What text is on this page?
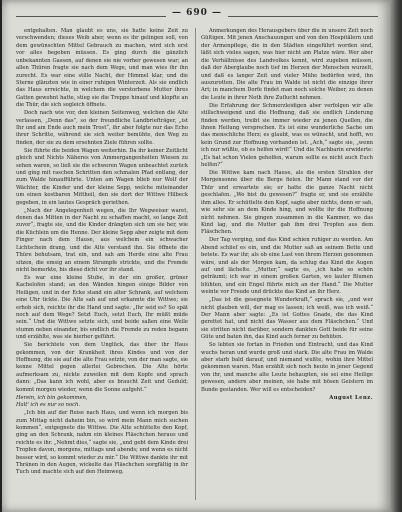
— 690 —

entgehalten. Man glaubt es uns, sie hatte keine Zeit zu verschwenden; dieses Weib aber, wenn es ihr gelingen soll, von dem gewünschten Mittel Gebrauch zu machen, wird sich erst vor alles begeben müssen. Es ging durch die gänzlich unbekannten Gassen, auf denen sie nie vorher gewesen war; an allen Thüren fragte sie nach dem Wege, und man wies ihr ihn zurecht. Es war eine stille Nacht, der Himmel klar, und die Sterne glänzten wie in einer ruhigen Winterzeit. Als sie endlich das Haus erreichte, in welchem die verstorbene Mutter ihres Gatten gewohnt hatte, stieg sie die Treppe hinauf und klopfte an die Thür, die sich sogleich öffnete.

Doch nach wie vor, den kleinen Seitenweg, welchen die Alte verlassen, „Denn das”, so der freundliche Landbriefträger, „ist Ihr und am Ende auch mein Trost“, ihr aber folgte nur das Echo ihrer Schritte, während sie sich weiter bemühte, den Weg zu finden, der sie zu dem ersehnten Ziele führen sollte.

Sie führte die beiden Wagen weiterhin. Da ihr keiner Zeitlicht gleich und Nichts Näheres von Ammergangenheiten Wiesen zu sehen waren, so ließ sie die schweren Wagen unbeachtet zurück und ging mit raschen Schritten den schmalen Pfad entlang, der zum Walde hinaufführte. Unten am Wagen blieb nur Wolf der Wächter, die Kinder und der kleine Sepp, welche miteinander um einen kostbaren Mittheil, den sie dort der Wittwe Hilbeck gegeben, in ein lautes Gespräch geriethen.

„Nach der Angelegenheit wegen, die Ihr Wegweiser waret, denen das Mitten in der Nacht zu schaffen macht, so lange Zeit zuvor“, fragte sie, und die Kinder drängten sich um sie her, wie die Küchlein um die Henne. Der kleine Sepp aber zeigte mit dem Finger nach dem Hause, aus welchem ein schwacher Lichtschein drang, und die Alte verstand ihn. Sie öffnete die Thüre behutsam, trat ein, und sah am Herde eine alte Frau sitzen, die emsig an einem Strumpfe strickte, und die Fremde nicht bemerkte, bis diese dicht vor ihr stand.

Es war eine kleine Stube, in der ein großer, grüner Kachelofen stand; an den Wänden hingen einige Bilder von Heiligen, und in der Ecke stand ein alter Schrank, auf welchem eine Uhr tickte. Die Alte sah auf und erkannte die Wittwe; sie erhob sich, reichte ihr die Hand und sagte: „Ihr seid es? So spät noch auf dem Wege? Setzt Euch, setzt Euch, Ihr müßt müde sein.“ Und die Wittwe setzte sich, und beide saßen eine Weile stumm neben einander, bis endlich die Fremde zu reden begann und erzählte, was sie hierher geführt.

Sie berichtete von dem Unglück, das über ihr Haus gekommen, von der Krankheit ihres Kindes und von der Hoffnung, die sie auf die alte Frau setzte, von der man sagte, sie kenne Mittel gegen allerlei Gebrechen. Die Alte hörte aufmerksam zu, nickte zuweilen mit dem Kopfe und sprach dann: „Das kann ich wohl, aber es braucht Zeit und Geduld; kommt morgen wieder, wenn die Sonne aufgeht.“

Herein, ich bin gekommen,

Halt' ich es nur so noch.

„Ich bin auf der Reise nach Haus, und wenn ich morgen bis zum Mittag nicht daheim bin, so wird mein Mann mich suchen kommen“, entgegnete die Wittwe. Die Alte schüttelte den Kopf, ging an den Schrank, nahm ein kleines Fläschchen heraus und reichte es ihr. „Nehmt dies,“ sagte sie, „und gebt dem Kinde drei Tropfen davon, morgens, mittags und abends; und wenn es nicht besser wird, so kommt wieder zu mir.“ Die Wittwe dankte ihr mit Thränen in den Augen, wickelte das Fläschchen sorgfältig in ihr Tuch und machte sich auf den Heimweg.

Anmerkungen des Herausgebers über die in unsere Zeit noch Gültigen. Mit jenen Anschauungen und von den Hospitälern und der Armenpflege, die in den Städten eingeführt worden sind, läßt sich vieles sagen, was hier nicht am Platze wäre. Wer aber die Verhältnisse des Landvolkes kennt, wird zugeben müssen, daß der Aberglaube noch tief im Herzen der Menschen wurzelt, und daß es langer Zeit und vieler Mühe bedürfen wird, ihn auszurotten. Die alte Frau im Walde ist nicht die einzige ihrer Art; in manchem Dorfe findet man noch solche Weiber, zu denen die Leute in ihrer Noth ihre Zuflucht nehmen.

Die Erfahrung der Schmerzleidigen aber verfolgen wir alle stillschweigend und die Hoffnung, daß sie endlich Linderung finden werden, treibt sie immer wieder zu jenen Quellen, die ihnen Heilung versprechen. Es ist eine wunderliche Sache um das menschliche Herz; es glaubt, was es wünscht, und hofft, wo kein Grund zur Hoffnung vorhanden ist. „Ach,“ sagte sie, „wenn ich nur wüßte, ob es helfen wird!“ Und die Nachbarin erwiderte: „Es hat schon Vielen geholfen, warum sollte es nicht auch Euch helfen?“

Die Wittwe kam nach Hause, als die ersten Strahlen der Morgensonne über die Berge fielen. Ihr Mann stand vor der Thür und erwartete sie; er hatte die ganze Nacht nicht geschlafen. „Wo bist du gewesen?“ fragte er, und sie erzählte ihm alles. Er schüttelte den Kopf, sagte aber nichts, denn er sah, wie sehr sie an dem Kinde hing, und wollte ihr die Hoffnung nicht nehmen. Sie gingen zusammen in die Kammer, wo das Kind lag, und die Mutter gab ihm drei Tropfen aus dem Fläschchen.

Der Tag verging, und das Kind schien ruhiger zu werden. Am Abend schlief es ein, und die Mutter saß an seinem Bette und betete. Es war ihr, als ob eine Last von ihrem Herzen genommen wäre, und als der Morgen kam, da schlug das Kind die Augen auf und lächelte. „Mutter,“ sagte es, „ich habe so schön geträumt; ich war in einem großen Garten, wo lauter Blumen blühten, und ein Engel führte mich an der Hand.“ Die Mutter weinte vor Freude und drückte das Kind an ihr Herz.

„Das ist die gesegnete Wunderkraft,“ sprach sie, „und wer nicht glauben will, der mag es lassen; ich weiß, was ich weiß.“ Der Mann aber sagte: „Es ist Gottes Gnade, die das Kind gerettet hat, und nicht das Wasser aus dem Fläschchen.“ Und sie stritten nicht darüber, sondern dankten Gott beide für seine Güte und baten ihn, das Kind auch ferner zu behüten.

So lebten sie fortan in Frieden und Eintracht, und das Kind wuchs heran und wurde groß und stark. Die alte Frau im Walde aber starb bald darauf, und niemand wußte, wohin ihre Mittel gekommen waren. Man erzählt sich noch heute in jener Gegend von ihr, und manche alte Leute behaupten, sie sei eine Heilige gewesen, andere aber meinen, sie habe mit bösen Geistern im Bunde gestanden. Wer will es entscheiden?

August Lenz.
